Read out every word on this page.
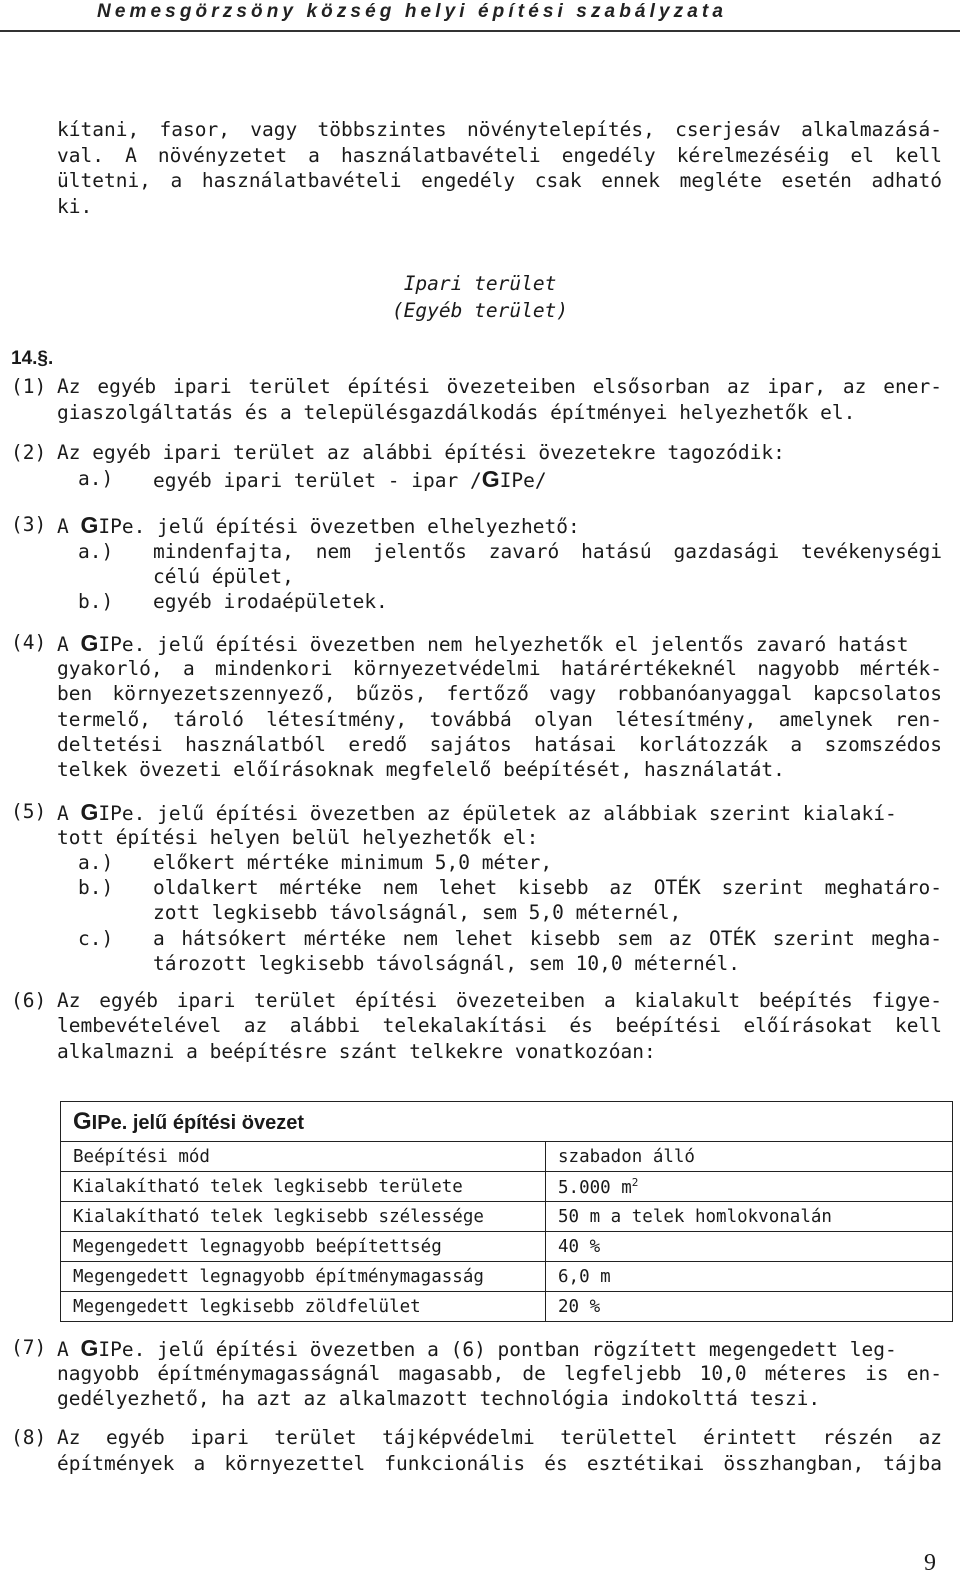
Nemesgörzsöny község helyi építési szabályzata
kítani, fasor, vagy többszintes növénytelepítés, cserjesáv alkalmazásá-
val. A növényzetet a használatbavételi engedély kérelmezéséig el kell
ültetni, a használatbavételi engedély csak ennek megléte esetén adható
ki.
Ipari terület
(Egyéb terület)
14.§.
(1) Az egyéb ipari terület építési övezeteiben elsősorban az ipar, az ener-
giaszolgáltatás és a településgazdálkodás építményei helyezhetők el.
(2) Az egyéb ipari terület az alábbi építési övezetekre tagozódik:
a.) egyéb ipari terület - ipar /GIPe/
(3) A GIPe. jelű építési övezetben elhelyezhető:
a.) mindenfajta, nem jelentős zavaró hatású gazdasági tevékenységi
célú épület,
b.) egyéb irodaépületek.
(4) A GIPe. jelű építési övezetben nem helyezhetők el jelentős zavaró hatást
gyakorló, a mindenkori környezetvédelmi határértékeknél nagyobb mérték-
ben környezetszennyező, bűzös, fertőző vagy robbanóanyaggal kapcsolatos
termelő, tároló létesítmény, továbbá olyan létesítmény, amelynek ren-
deltetési használatból eredő sajátos hatásai korlátozzák a szomszédos
telkek övezeti előírásoknak megfelelő beépítését, használatát.
(5) A GIPe. jelű építési övezetben az épületek az alábbiak szerint kialakí-
tott építési helyen belül helyezhetők el:
a.) előkert mértéke minimum 5,0 méter,
b.) oldalkert mértéke nem lehet kisebb az OTÉK szerint meghatáro-
zott legkisebb távolságnál, sem 5,0 méternél,
c.) a hátsókert mértéke nem lehet kisebb sem az OTÉK szerint megha-
tározott legkisebb távolságnál, sem 10,0 méternél.
(6) Az egyéb ipari terület építési övezeteiben a kialakult beépítés figye-
lembevételével az alábbi telekalakítási és beépítési előírásokat kell
alkalmazni a beépítésre szánt telkekre vonatkozóan:
GIPe. jelű építési övezet	
Beépítési mód	szabadon álló
Kialakítható telek legkisebb területe	5.000 $m^2$
Kialakítható telek legkisebb szélessége	50 m a telek homlokvonalán
Megengedett legnagyobb beépítettség	40 %
Megengedett legnagyobb építménymagasság	6,0 m
Megengedett legkisebb zöldfelület	20 %
(7) A GIPe. jelű építési övezetben a (6) pontban rögzített megengedett leg-
nagyobb építménymagasságnál magasabb, de legfeljebb 10,0 méteres is en-
gedélyezhető, ha azt az alkalmazott technológia indokolttá teszi.
(8) Az egyéb ipari terület tájképvédelmi területtel érintett részén az
építmények a környezettel funkcionális és esztétikai összhangban, tájba
9
